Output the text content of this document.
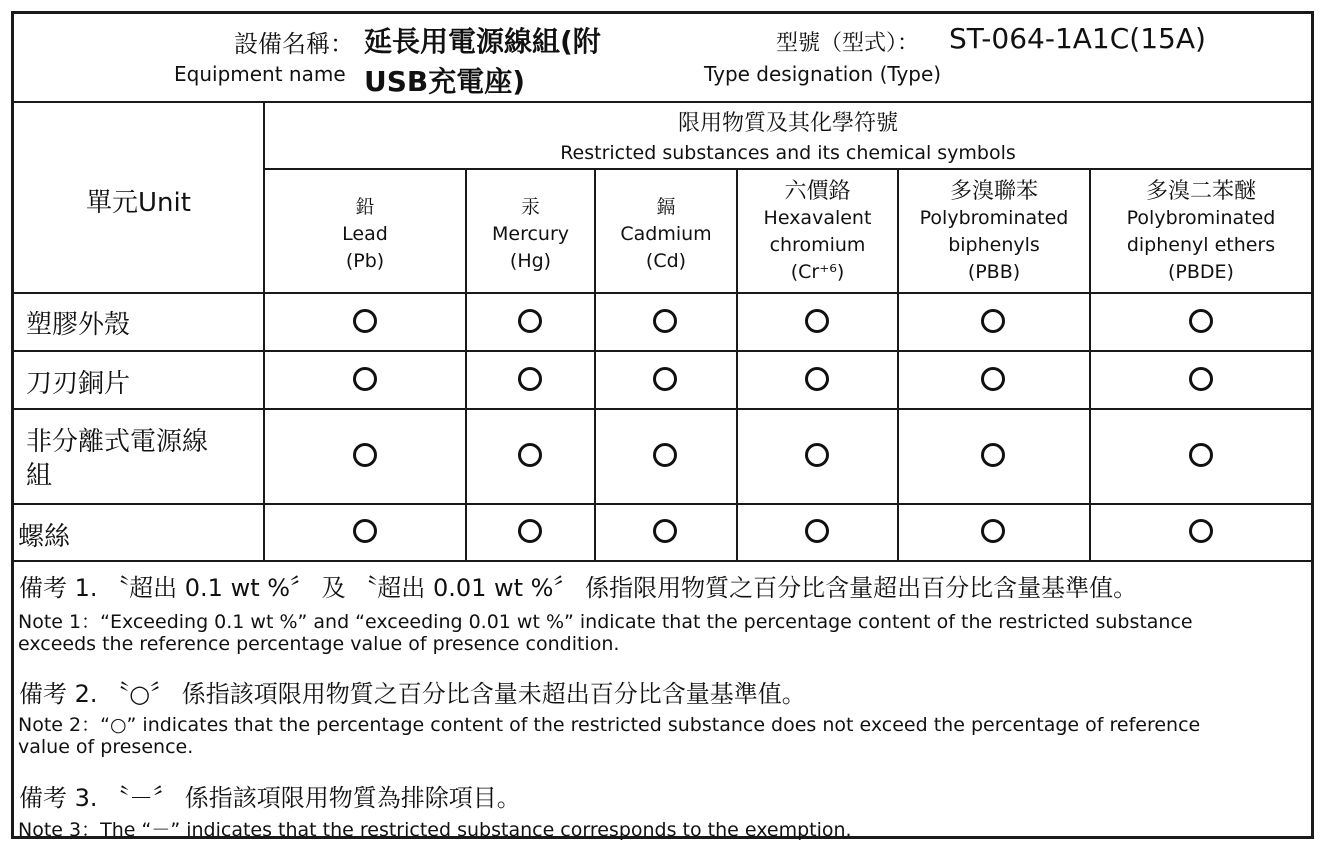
設備名稱：
Equipment name
延長用電源線組(附
USB充電座)
型號（型式）：
Type designation (Type)
ST-064-1A1C(15A)
單元Unit
限用物質及其化學符號
Restricted substances and its chemical symbols
鉛
Lead
(Pb)
汞
Mercury
(Hg)
鎘
Cadmium
(Cd)
六價鉻
Hexavalent
chromium
(Cr⁺⁶)
多溴聯苯
Polybrominated
biphenyls
(PBB)
多溴二苯醚
Polybrominated
diphenyl ethers
(PBDE)
塑膠外殼
刀刃銅片
非分離式電源線
組
螺絲
備考 1. 〝超出 0.1 wt %〞 及 〝超出 0.01 wt %〞 係指限用物質之百分比含量超出百分比含量基準值。
Note 1：“Exceeding 0.1 wt %” and “exceeding 0.01 wt %” indicate that the percentage content of the restricted substance
exceeds the reference percentage value of presence condition.
備考 2. 〝○〞 係指該項限用物質之百分比含量未超出百分比含量基準值。
Note 2：“○” indicates that the percentage content of the restricted substance does not exceed the percentage of reference
value of presence.
備考 3. 〝－〞 係指該項限用物質為排除項目。
Note 3：The “－” indicates that the restricted substance corresponds to the exemption.
